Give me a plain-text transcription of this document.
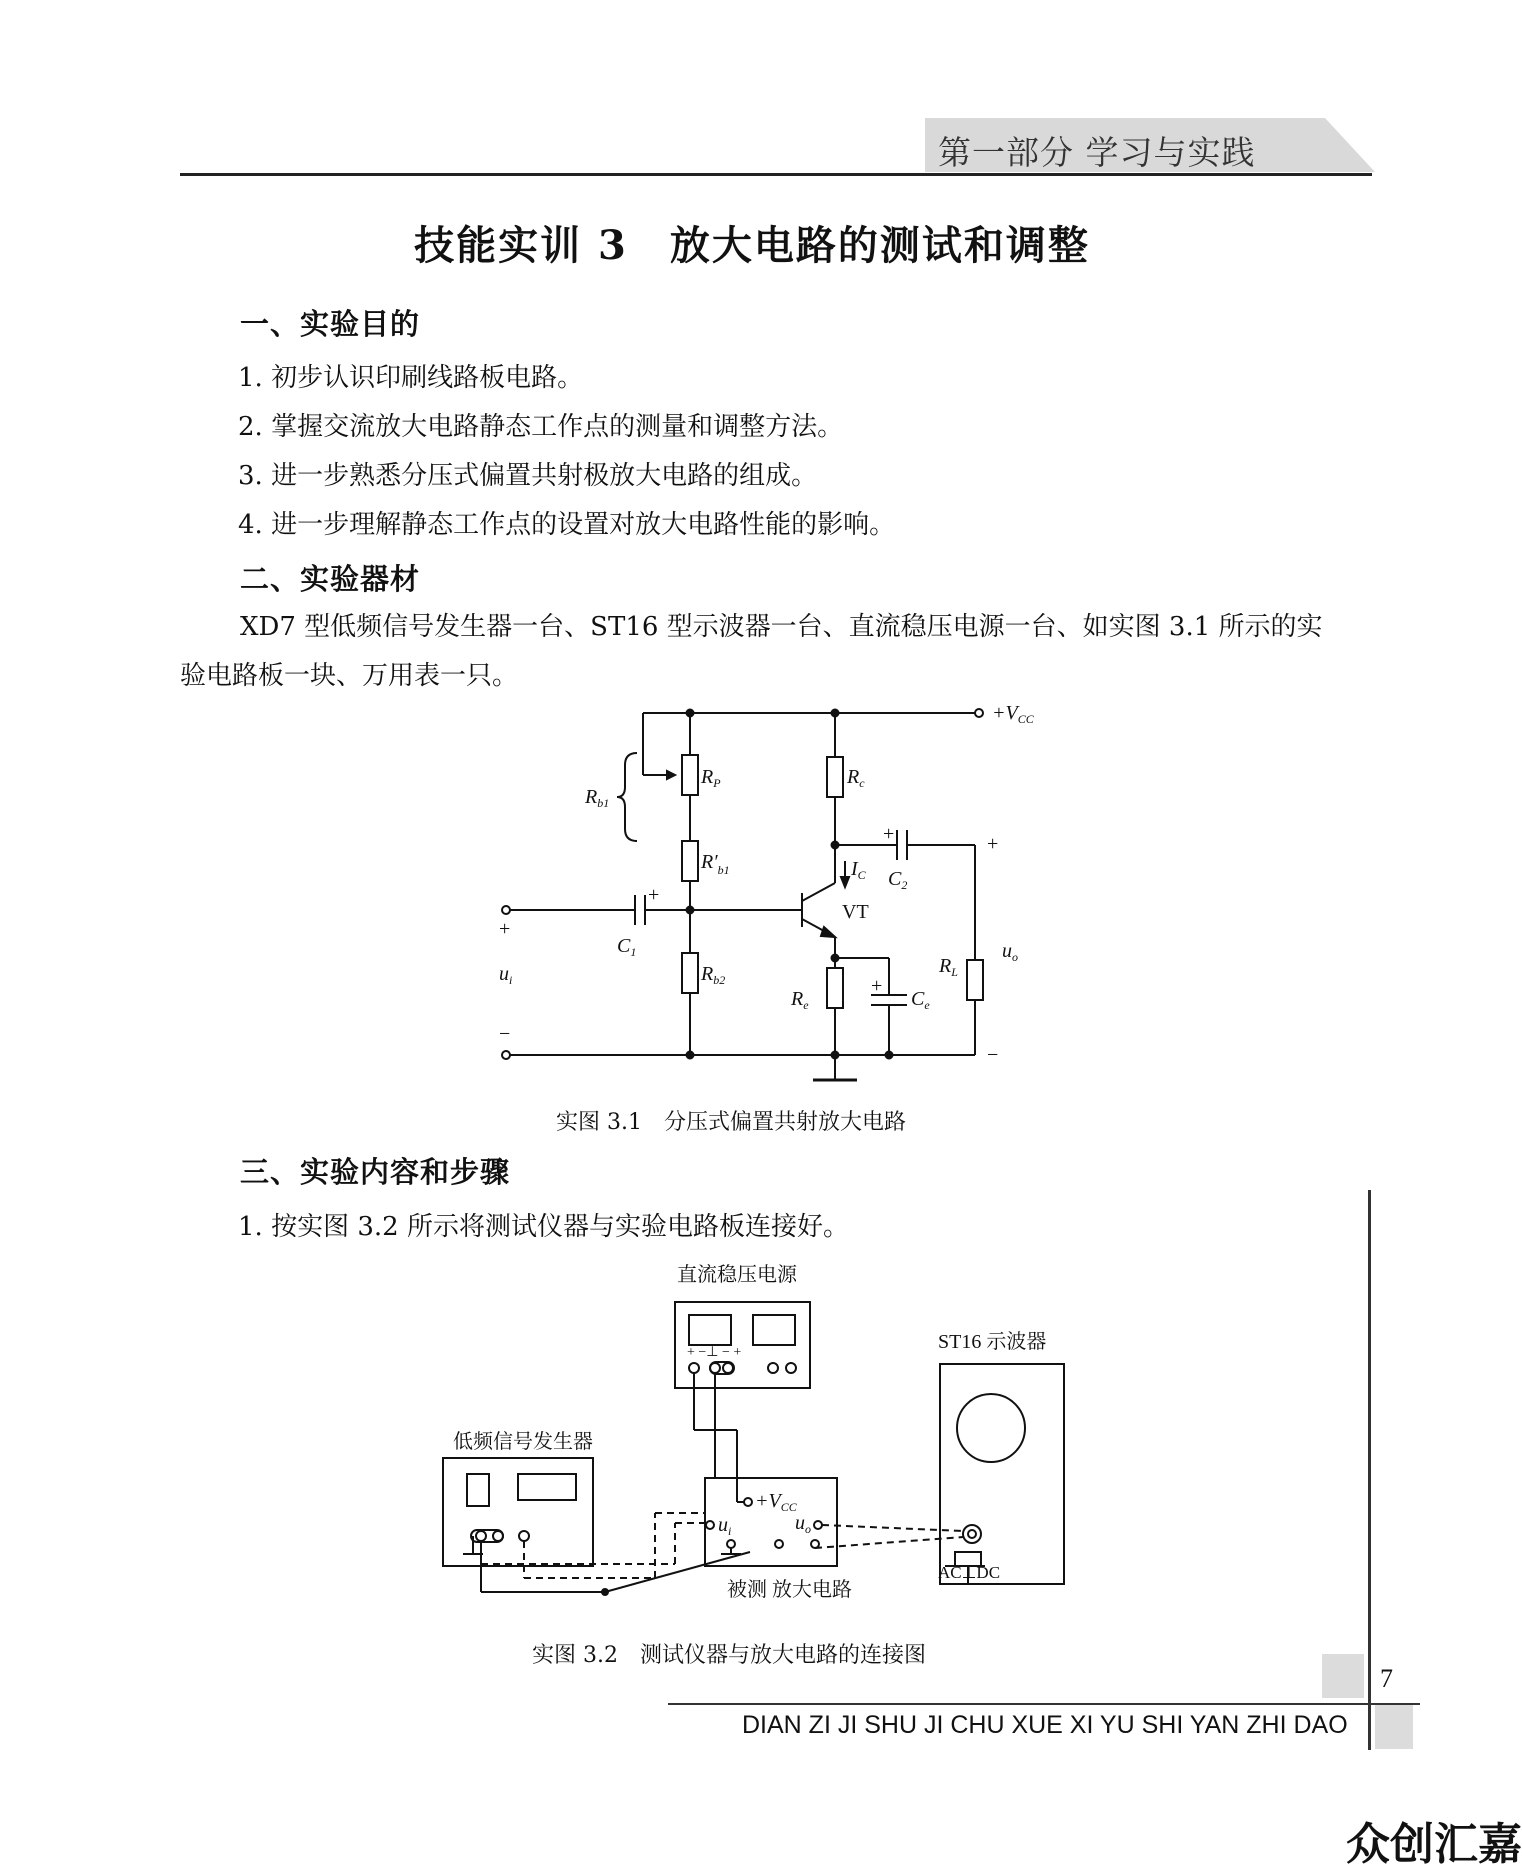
第一部分 学习与实践
技能实训 3　放大电路的测试和调整
一、实验目的
1. 初步认识印刷线路板电路。
2. 掌握交流放大电路静态工作点的测量和调整方法。
3. 进一步熟悉分压式偏置共射极放大电路的组成。
4. 进一步理解静态工作点的设置对放大电路性能的影响。
二、实验器材
XD7 型低频信号发生器一台、ST16 型示波器一台、直流稳压电源一台、如实图 3.1 所示的实验电路板一块、万用表一只。
$+V_{CC}$
$R_{b1}$
$R_P$
$R'_{b1}$
$R_c$
$C_1$
+
+
$C_2$
$I_C$
VT
$R_{b2}$
$R_e$
+
$C_e$
$R_L$
+
$u_i$
−
+
$u_o$
−
实图 3.1　分压式偏置共射放大电路
三、实验内容和步骤
1. 按实图 3.2 所示将测试仪器与实验电路板连接好。
直流稳压电源
ST16 示波器
低频信号发生器
被测 放大电路
AC⊥DC
+ −⊥ − +
$+V_{CC}$
$u_i$	$u_o$
实图 3.2　测试仪器与放大电路的连接图
7
DIAN ZI JI SHU JI CHU XUE XI YU SHI YAN ZHI DAO
众创汇嘉
